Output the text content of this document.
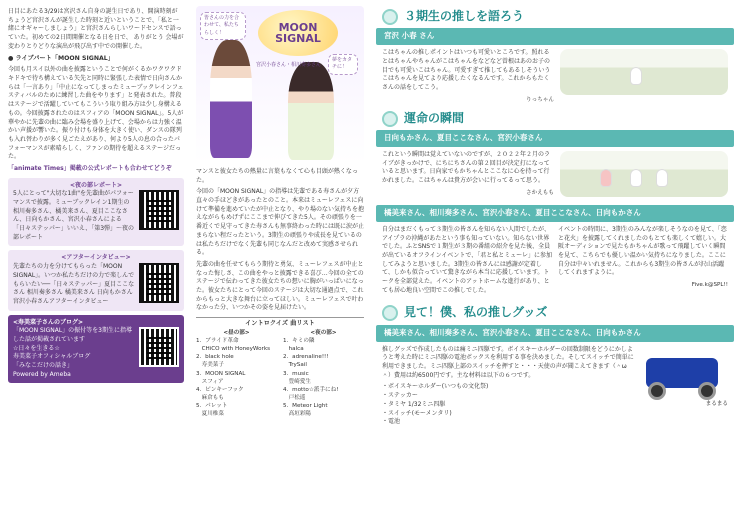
日目にあたる3/29は宮沢さん自身の誕生日であり、開演時刻が ちょうど宮沢さんが誕生した時刻と近いということで、「私と一緒にオギャーしましょう」と宮沢さんらしいワードセンスで語っていた。初めての2日間開催となる日を日で、 ありがとう 会場が変わりとりどりな演出が飛び出す中での開催した。

● ライブパート「MOON SIGNAL」

今回も月スイ以外の曲を披露ということで何がくるかワクワクドキドキで待ち構えている矢先と同時に緊張した表情で日向さんからは「一言あり」「中止になってしまったミューブックレインフェスティバルのために練習した曲をやります」と発表された。普段はステージで活躍していてもこういう取り組み方は少し身構えるもの。今回披露されたのはスフィアの「MOON SIGNAL」。5人が華やかに先輩の曲に臨み会場を盛り上げて、会場からは力強く温かい声援が響いた。振り付けも身体を大きく使い、ダンスの隊列も入れ替わりが多く見ごたえがあり、何より5人の息の合ったパフォーマンスが素晴らしく、ファンの期待を超えるステージだった。

「animate Times」掲載の公式レポートも合わせてどうぞ
<夜の部レポート>
5人にとって"大切な1曲"を先輩曲がパフォーマンスで披露。ミューブックレイン1期生の相川奏多さん、橘美来さん、夏目ここなさん、日向もかさん、宮沢小春さんによる「日々ステッパー」いいえ、「第3弾」～夜の部レポート
<アフターインタビュー>
先輩たちの力を分けてもらった「MOON SIGNAL」。いつか私たちだけの力で楽しんでもらいたい──「日々ステッパー」夏目ここなさん 相川奏多さん 橘美来さん 日向もかさん 宮沢小春さんアフターインタビュー
<寿美菜子さんのブログ>
「MOON SIGNAL」の振付等を3期生に指導した話が掲載されています
☆日々を生きる☆
寿美菜子オフィシャルブログ
「みなこだけの話き」
Powered by Ameba
皆さんの力を合わせて、私たちらしく！	MOON SIGNAL
夢をカタチに！
宮沢小春さん・相川奏多さん

マンスと彼女たちの熱量に言葉もなくて心も目頭が熱くなった。

今回の「MOON SIGNAL」の指導は先輩である寿さんが夕方直々の手ほどきがあったとのこと。本来はミューレフェスに向けて準備を進めていたが中止となり、やり場のない気持ちを抱えながらもめげずにここまで伸びてきた5人。その頑張りを一番近くで見守ってきた寿さんも無事終わった時には既に涙が止まらない程だったという。3期生の頑張りや成長を見ているのは私たちだけでなく先輩も同じなんだと改めて実感させられる。

先輩の曲を任せてもらう期待と勇気、ミューレフェスが中止となった悔しさ、この曲をやっと披露できる喜び…今回の全てのステージで伝わってきた彼女たちの想いに胸がいっぱいになった。彼女たちにとって今回のステージは大切な通過点で、これからもっと大きな舞台に立ってほしい。ミューレフェスで叶わなかった分、いつかその姿を見届けたい。

イントロクイズ 曲リスト
<昼の部>	<夜の部>
1．ブライド革命
　CHiCO with HoneyWorks
2．black hole
　寿美菜子
3．MOON SIGNAL
　スフィア
4．ピンキーフック
　麻倉もも
5．パレット
　夏川椎菜
1．キミの隣
　halca
2．adrenaline!!!
　TrySail
3．music
　豊崎愛生
4．motto☆派手にね!
　戸松遥
5．Meteor Light
　高垣彩陽
３期生の推しを語ろう
宮沢 小春 さん

こはちゃんの推しポイントはいつも可愛いところです。照れるとはちゃんやちゃんがこはちゃんをなどなど曽根はあのお子の目でも可愛いこはちゃん。可愛すぎて推してもあるしそういうこはちゃんを見てより応援したくなるんです。これからもたくさんの話をしてこう。

りっちゃん
運命の瞬間
日向もかさん、夏目ここなさん、宮沢小春さん

これという瞬間は覚えていないのですが、２０２２年２月のライブがきっかけで、にちにちさんの第２回目が決定打になっていると思います。日向家でもかちゃんとここなに心を持って行かれました。こはちゃんは貴方が会いに行ってるって思う。

さかえもも
橘美来さん、相川奏多さん、宮沢小春さん、夏目ここなさん、日向もかさん

自分はまだくもって３期生の皆さんを知らない人間でしたが、アイプラの沖縄があたという事も知っていない。知らない世界でした。ふとSNSで１期生が３期の番組の紹介を見た後、全員が出ているオフラインイベントで、「君と私とミューレ」に参加してみようと思いました。3期生の皆さんには感謝が定着して、しかも似合っていて驚きながら本当に応援しています。トークを全部覚えた。イベントのアットホームな進行があり、とても居心地良い空間でこの推しでした。

イベントの時間に、3期生のみんなが楽しそうなのを見て、「恋と花火」を披露してくれましたのもとても楽しくて嬉しい。大阪オーディションで見たもかちゃんが歌って飛躍していく瞬間を見て、こちらでも優しい温かい気持ちになりました。ここに自分は中々いれません。これからも3期生の皆さんが沢山活躍してくれますように。

Five.k@SPL!!
見て！僕、私の推しグッズ
橘美来さん、相川奏多さん、宮沢小春さん、夏目ここなさん、日向もかさん

推しグッズで作成したものは痛ミニ四駆です。ボイスキーホルダーの回数制限をどうにかしようと考えた時にミニ四駆の電池ボックスを利用する事を決めました。そしてスイッチで簡単に利用できました。ミニ四駆上部のスイッチを押すと・・・天使の声が聞こえてきます（＾ω＾）費用は約6500円です。主な材料は以下の６つです。

・ボイスキーホルダー(いつもの文化祭)
・ステッカー
・タミヤ 1/32ミニ四駆
・スイッチ(モーメンタリ)
・電池
まるまる
